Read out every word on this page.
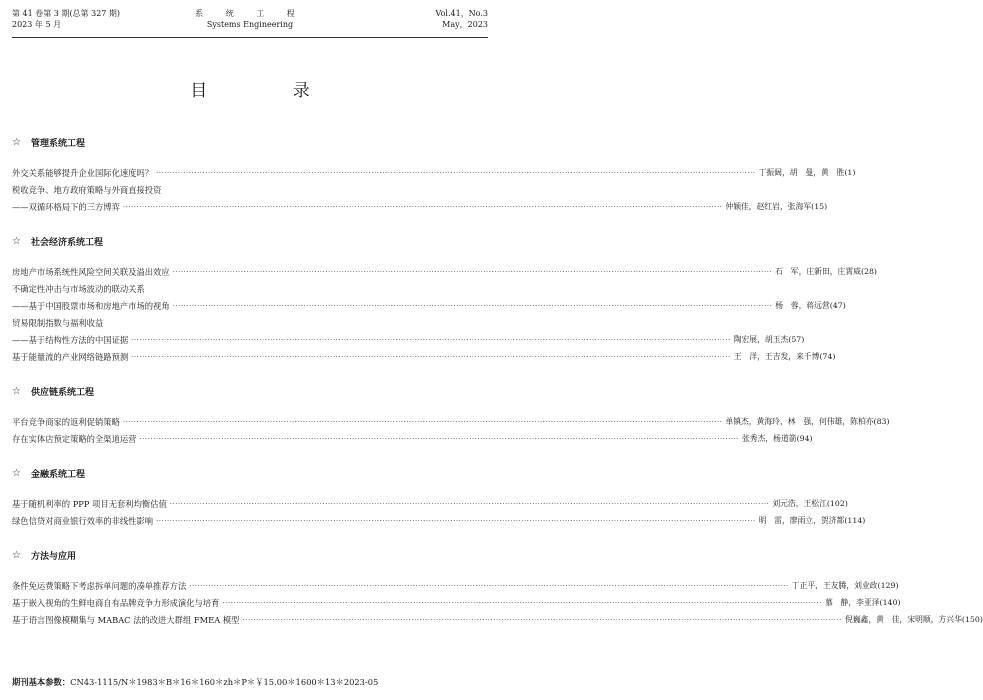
第 41 卷第 3 期(总第 327 期)
2023 年 5 月
系 统 工 程
Systems Engineering
Vol.41，No.3
May，2023
目 录
☆ 管理系统工程
外交关系能够提升企业国际化速度吗？ ···························································································································································································································· 丁振阔，胡　曼，黄　胜(1)
税收竞争、地方政府策略与外商直接投资
——双循环格局下的三方博弈 ···························································································································································································································· 仲颖佳，赵红岩，张海军(15)
☆ 社会经济系统工程
房地产市场系统性风险空间关联及溢出效应 ···························································································································································································································· 石　军，庄新田，庄霄威(28)
不确定性冲击与市场波动的联动关系
——基于中国股票市场和房地产市场的视角 ···························································································································································································································· 杨　蓉，蒋远营(47)
贸易限制指数与福利收益
——基于结构性方法的中国证据 ···························································································································································································································· 陶宏展，胡玉杰(57)
基于能量流的产业网络链路预测 ···························································································································································································································· 王　洋，王吉发，来千博(74)
☆ 供应链系统工程
平台竞争商家的返利促销策略 ···························································································································································································································· 单镇杰，黄海玲，林　强，何伟雄，陈柏亦(83)
存在实体店预定策略的全渠道运营 ···························································································································································································································· 张秀杰，杨道箭(94)
☆ 金融系统工程
基于随机利率的 PPP 项目无套利均衡估值 ···························································································································································································································· 刘元浩，王松江(102)
绿色信贷对商业银行效率的非线性影响 ···························································································································································································································· 明　雷，廖雨立，贺济都(114)
☆ 方法与应用
条件免运费策略下考虑拆单问题的凑单推荐方法 ···························································································································································································································· 丁正平，王友腾，刘业政(129)
基于嵌入视角的生鲜电商自有品牌竞争力形成演化与培育 ···························································································································································································································· 慕　静，李亚泽(140)
基于语言图像模糊集与 MABAC 法的改进大群组 FMEA 模型 ···························································································································································································································· 倪巍鑫，黄　佳，宋明顺，方兴华(150)
期刊基本参数：CN43-1115/N＊1983＊B＊16＊160＊zh＊P＊￥15.00＊1600＊13＊2023-05
